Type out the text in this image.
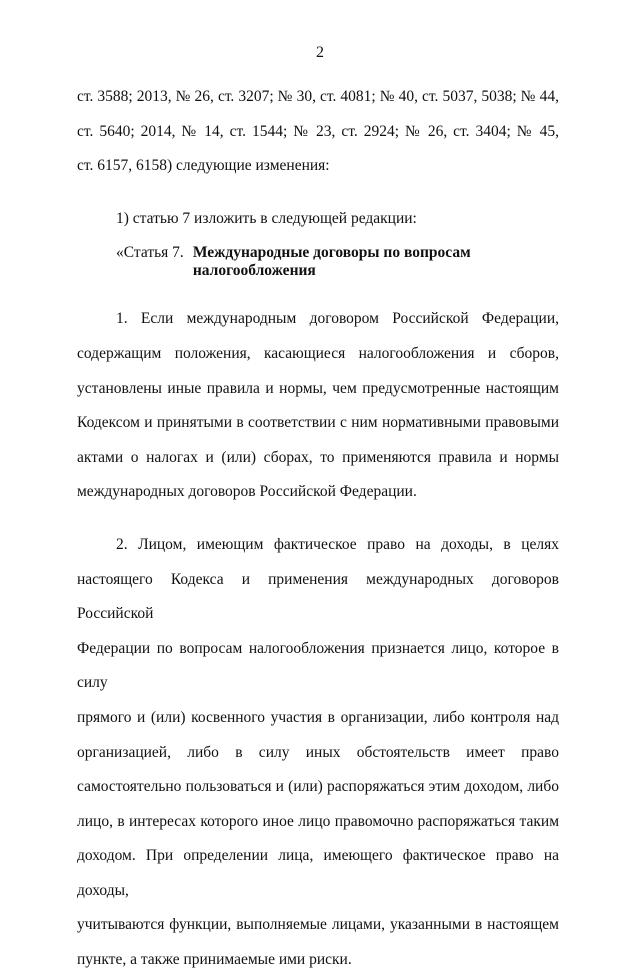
2
ст. 3588; 2013, № 26, ст. 3207; № 30, ст. 4081; № 40, ст. 5037, 5038; № 44,
ст. 5640; 2014, № 14, ст. 1544; № 23, ст. 2924; № 26, ст. 3404; № 45,
ст. 6157, 6158) следующие изменения:

1) статью 7 изложить в следующей редакции:

«Статья 7. Международные договоры по вопросам
налогообложения
1. Если международным договором Российской Федерации,
содержащим положения, касающиеся налогообложения и сборов,
установлены иные правила и нормы, чем предусмотренные настоящим
Кодексом и принятыми в соответствии с ним нормативными правовыми
актами о налогах и (или) сборах, то применяются правила и нормы
международных договоров Российской Федерации.
2. Лицом, имеющим фактическое право на доходы, в целях
настоящего Кодекса и применения международных договоров Российской
Федерации по вопросам налогообложения признается лицо, которое в силу
прямого и (или) косвенного участия в организации, либо контроля над
организацией, либо в силу иных обстоятельств имеет право
самостоятельно пользоваться и (или) распоряжаться этим доходом, либо
лицо, в интересах которого иное лицо правомочно распоряжаться таким
доходом. При определении лица, имеющего фактическое право на доходы,
учитываются функции, выполняемые лицами, указанными в настоящем
пункте, а также принимаемые ими риски.
